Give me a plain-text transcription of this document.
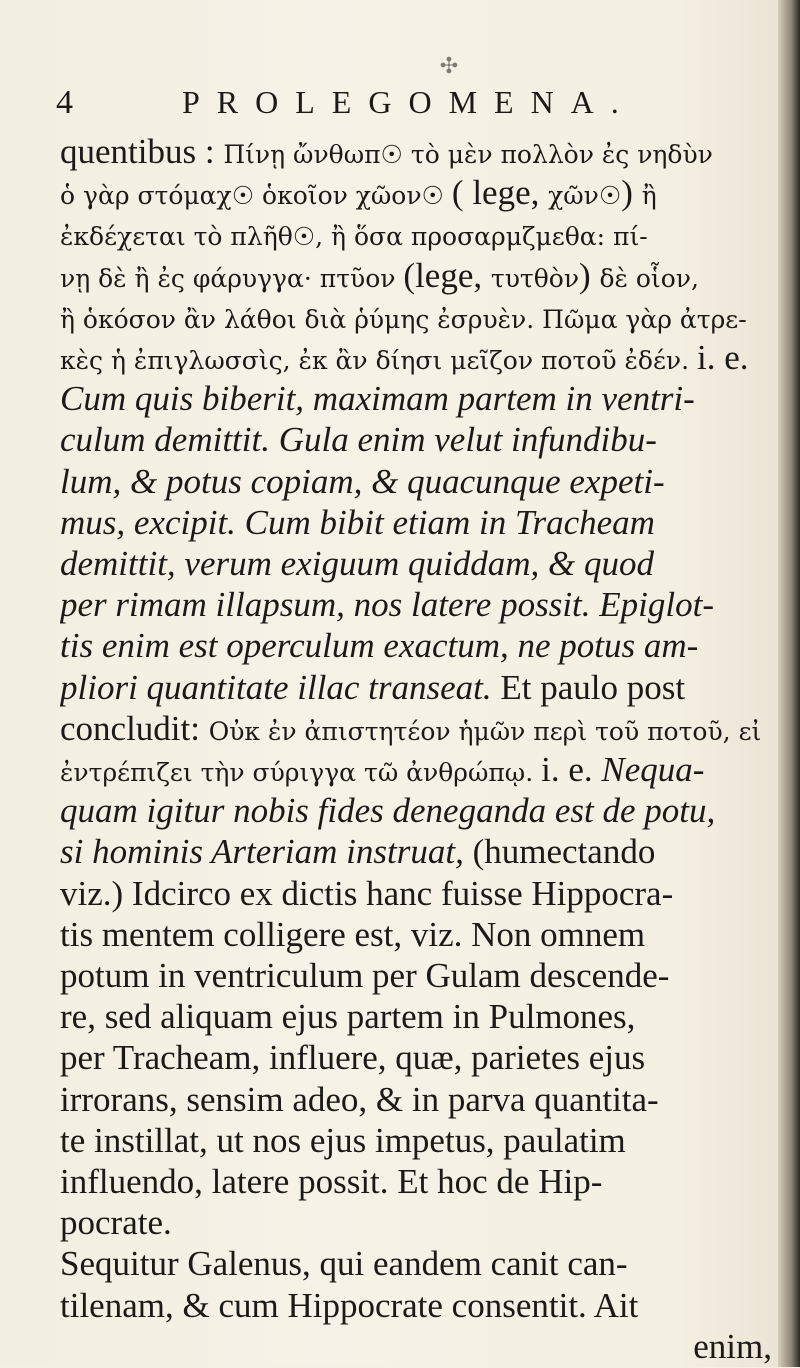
✣
4	PROLEGOMENA.
quentibus : Πίνῃ ὤνθωπ☉ τὸ μὲν πολλὸν ἐς νηδὺν
ὁ γὰρ στόμαχ☉ ὁκοῖον χῶον☉ ( lege, χῶν☉) ἢ
ἐκδέχεται τὸ πλῆθ☉, ἢ ὅσα προσαρμζμεθα: πί-
νῃ δὲ ἢ ἐς φάρυγγα· πτῦον (lege, τυτθὸν) δὲ οἷον,
ἢ ὁκόσον ἂν λάθοι διὰ ῥύμης ἐσρυὲν. Πῶμα γὰρ ἀτρε-
κὲς ἡ ἐπιγλωσσὶς, ἐκ ἂν δίησι μεῖζον ποτοῦ ἐδέν. i. e.
Cum quis biberit, maximam partem in ventri-
culum demittit. Gula enim velut infundibu-
lum, & potus copiam, & quacunque expeti-
mus, excipit. Cum bibit etiam in Tracheam
demittit, verum exiguum quiddam, & quod
per rimam illapsum, nos latere possit. Epiglot-
tis enim est operculum exactum, ne potus am-
pliori quantitate illac transeat. Et paulo post
concludit: Οὐκ ἐν ἀπιστητέον ἡμῶν περὶ τοῦ ποτοῦ, εἰ
ἐντρέπιζει τὴν σύριγγα τῶ ἀνθρώπῳ. i. e. Nequa-
quam igitur nobis fides deneganda est de potu,
si hominis Arteriam instruat, (humectando
viz.) Idcirco ex dictis hanc fuisse Hippocra-
tis mentem colligere est, viz. Non omnem
potum in ventriculum per Gulam descende-
re, sed aliquam ejus partem in Pulmones,
per Tracheam, influere, quæ, parietes ejus
irrorans, sensim adeo, & in parva quantita-
te instillat, ut nos ejus impetus, paulatim
influendo, latere possit. Et hoc de Hip-
pocrate.
Sequitur Galenus, qui eandem canit can-
tilenam, & cum Hippocrate consentit. Ait
enim,
